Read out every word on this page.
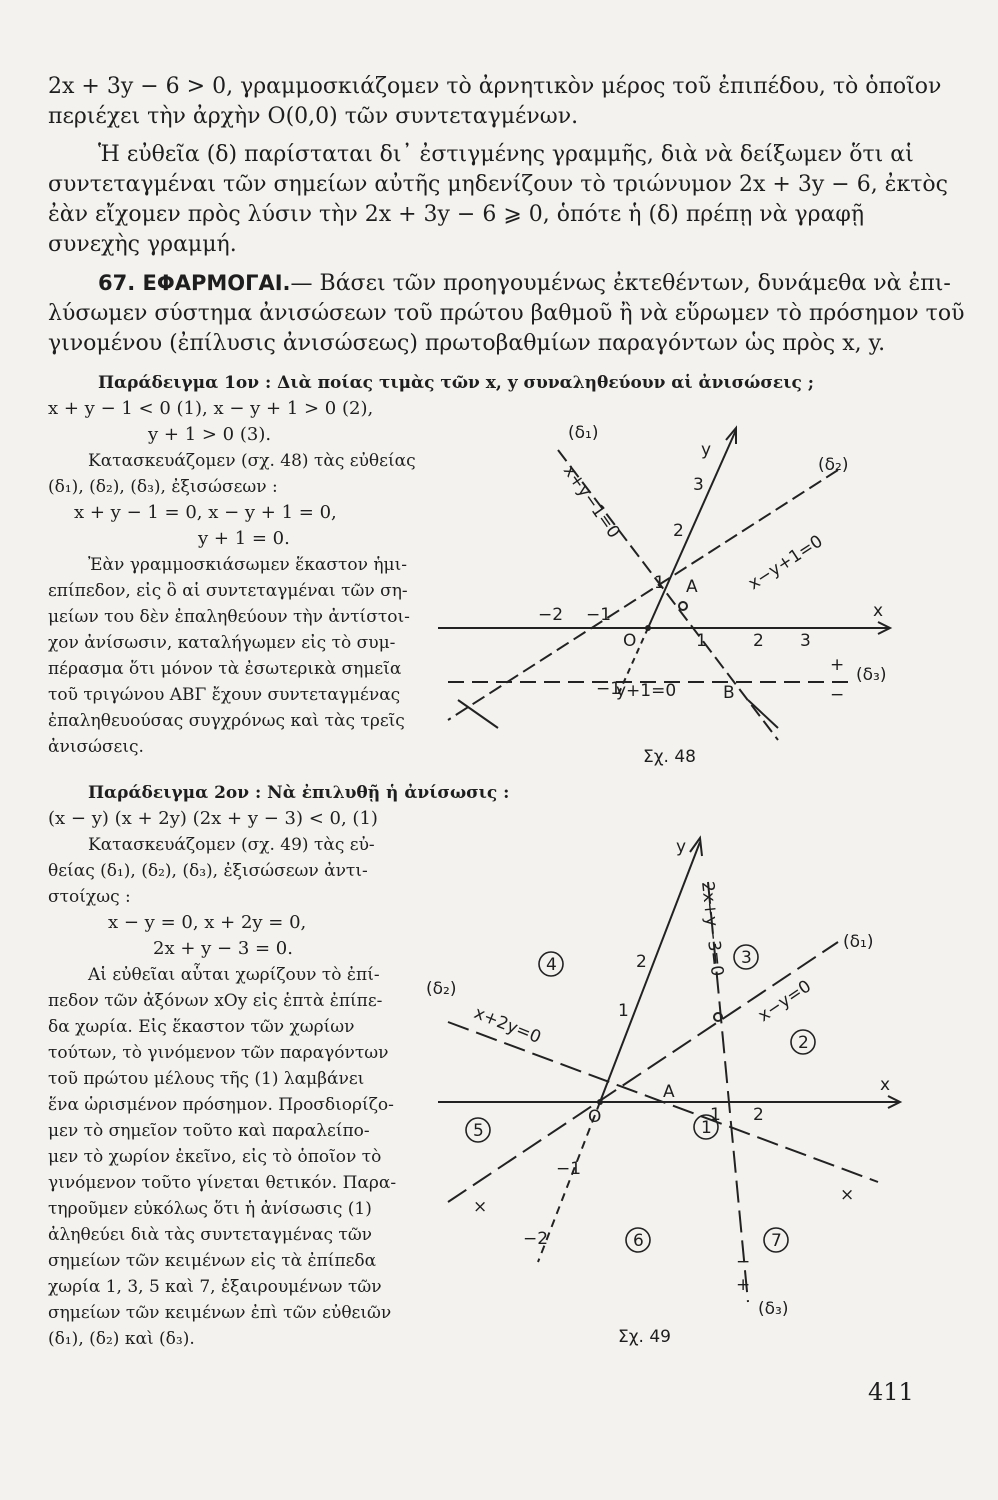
2x + 3y − 6 > 0, γραμμοσκιάζομεν τὸ ἀρνητικὸν μέρος τοῦ ἐπιπέδου, τὸ ὁποῖον
περιέχει τὴν ἀρχὴν Ο(0,0) τῶν συντεταγμένων.
Ἡ εὐθεῖα (δ) παρίσταται δι᾽ ἐστιγμένης γραμμῆς, διὰ νὰ δείξωμεν ὅτι αἱ
συντεταγμέναι τῶν σημείων αὐτῆς μηδενίζουν τὸ τριώνυμον 2x + 3y − 6, ἐκτὸς
ἐὰν εἴχομεν πρὸς λύσιν τὴν 2x + 3y − 6 ⩾ 0, ὁπότε ἡ (δ) πρέπῃ νὰ γραφῇ
συνεχὴς γραμμή.
67. ΕΦΑΡΜΟΓΑΙ.— Βάσει τῶν προηγουμένως ἐκτεθέντων, δυνάμεθα νὰ ἐπι-
λύσωμεν σύστημα ἀνισώσεων τοῦ πρώτου βαθμοῦ ἢ νὰ εὕρωμεν τὸ πρόσημον τοῦ
γινομένου (ἐπίλυσις ἀνισώσεως) πρωτοβαθμίων παραγόντων ὡς πρὸς x, y.
Παράδειγμα 1ον : Διὰ ποίας τιμὰς τῶν x, y συναληθεύουν αἱ ἀνισώσεις ;
x + y − 1 < 0 (1), x − y + 1 > 0 (2),
y + 1 > 0 (3).
Κατασκευάζομεν (σχ. 48) τὰς εὐθείας
(δ₁), (δ₂), (δ₃), ἐξισώσεων :
x + y − 1 = 0, x − y + 1 = 0,
y + 1 = 0.
Ἐὰν γραμμοσκιάσωμεν ἕκαστον ἡμι-
επίπεδον, εἰς ὃ αἱ συντεταγμέναι τῶν ση-
μείων του δὲν ἐπαληθεύουν τὴν ἀντίστοι-
χον ἀνίσωσιν, καταλήγωμεν εἰς τὸ συμ-
πέρασμα ὅτι μόνον τὰ ἐσωτερικὰ σημεῖα
τοῦ τριγώνου ΑΒΓ ἔχουν συντεταγμένας
ἐπαληθευούσας συγχρόνως καὶ τὰς τρεῖς
ἀνισώσεις.
Παράδειγμα 2ον : Νὰ ἐπιλυθῇ ἡ ἀνίσωσις :
(x − y) (x + 2y) (2x + y − 3) < 0, (1)
Κατασκευάζομεν (σχ. 49) τὰς εὐ-
θείας (δ₁), (δ₂), (δ₃), ἐξισώσεων ἀντι-
στοίχως :
x − y = 0, x + 2y = 0,
2x + y − 3 = 0.
Αἱ εὐθεῖαι αὗται χωρίζουν τὸ ἐπί-
πεδον τῶν ἀξόνων xOy εἰς ἑπτὰ ἐπίπε-
δα χωρία. Εἰς ἕκαστον τῶν χωρίων
τούτων, τὸ γινόμενον τῶν παραγόντων
τοῦ πρώτου μέλους τῆς (1) λαμβάνει
ἕνα ὡρισμένον πρόσημον. Προσδιορίζο-
μεν τὸ σημεῖον τοῦτο καὶ παραλείπο-
μεν τὸ χωρίον ἐκεῖνο, εἰς τὸ ὁποῖον τὸ
γινόμενον τοῦτο γίνεται θετικόν. Παρα-
τηροῦμεν εὐκόλως ὅτι ἡ ἀνίσωσις (1)
ἀληθεύει διὰ τὰς συντεταγμένας τῶν
σημείων τῶν κειμένων εἰς τὰ ἐπίπεδα
χωρία 1, 3, 5 καὶ 7, ἐξαιρουμένων τῶν
σημείων τῶν κειμένων ἐπὶ τῶν εὐθειῶν
(δ₁), (δ₂) καὶ (δ₃).
(δ₁)
(δ₂)
(δ₃)
x+y−1=0
x−y+1=0
y+1=0
x
y
O
A
B
1	2 3
−1
−2
1
2
3
−1
+
−
Σχ. 48
1
2
3
4
5
6	7
(δ₁)
(δ₂)
(δ₃)
x−y=0
x+2y=0
2x+y−3=0
x
y
O
A
1 2
1
2
−1
−2
×
×
+
−
Σχ. 49
411
